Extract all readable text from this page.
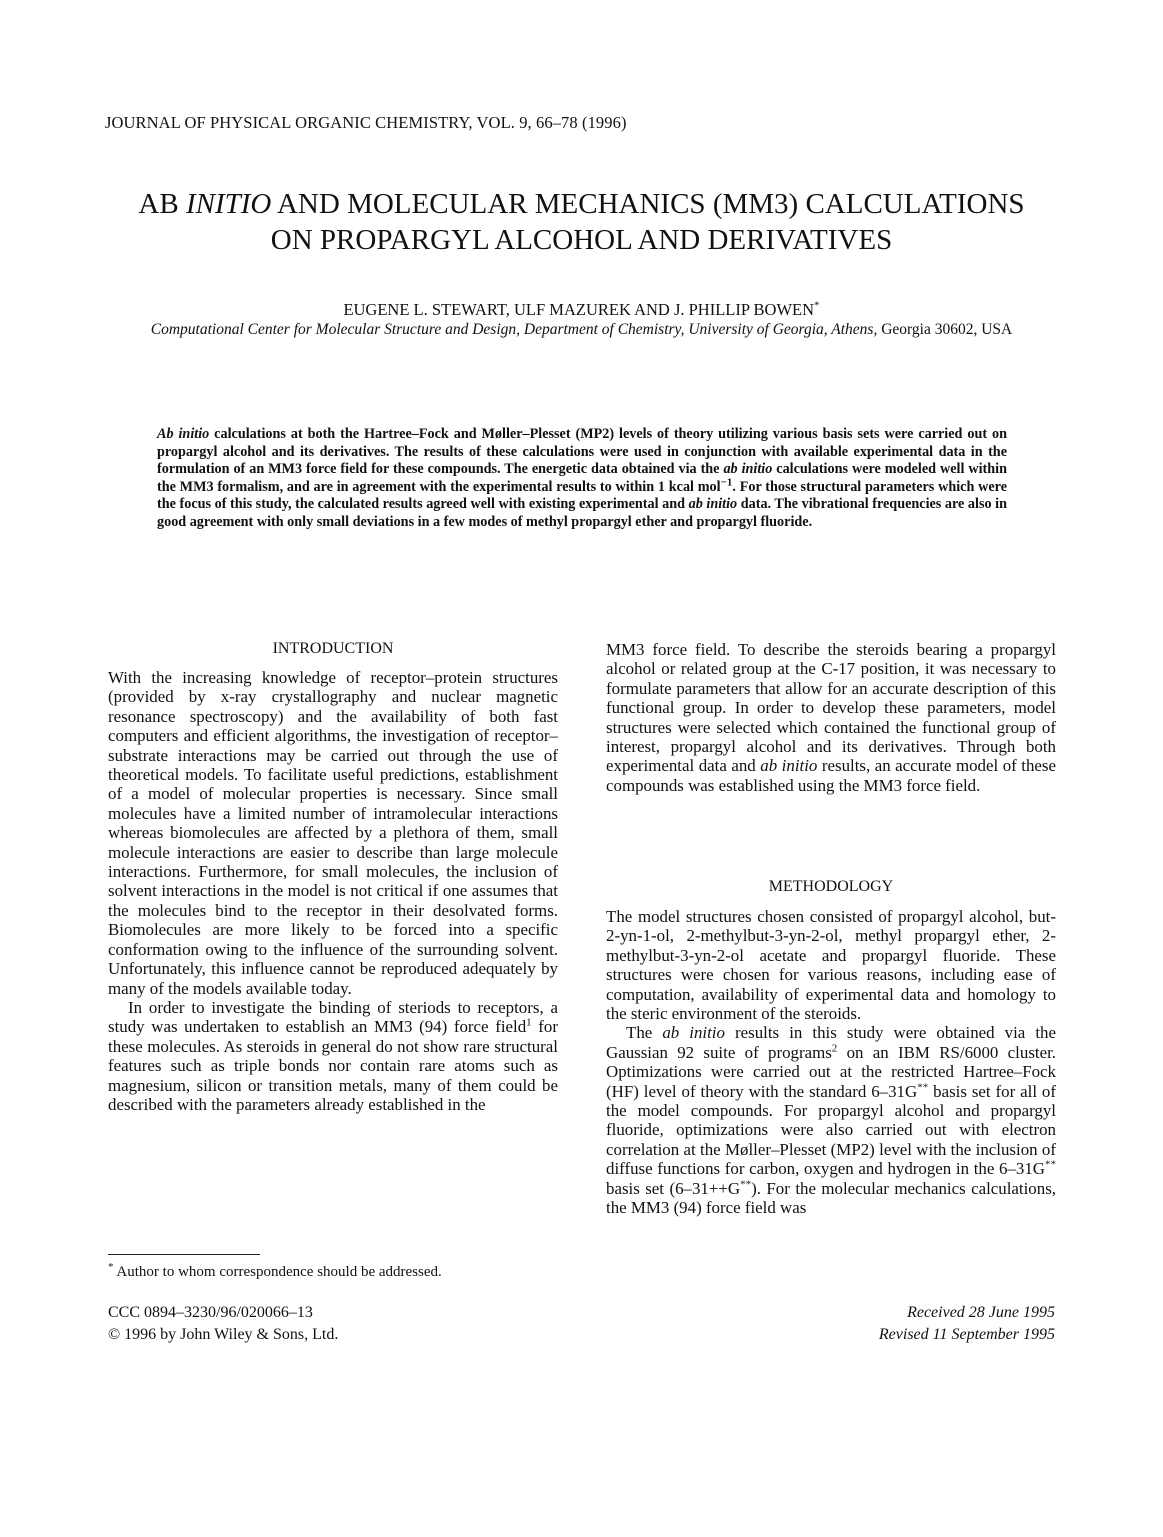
JOURNAL OF PHYSICAL ORGANIC CHEMISTRY, VOL. 9, 66–78 (1996)
AB INITIO AND MOLECULAR MECHANICS (MM3) CALCULATIONS
ON PROPARGYL ALCOHOL AND DERIVATIVES
EUGENE L. STEWART, ULF MAZUREK AND J. PHILLIP BOWEN*
Computational Center for Molecular Structure and Design, Department of Chemistry, University of Georgia, Athens, Georgia 30602, USA
Ab initio calculations at both the Hartree–Fock and Møller–Plesset (MP2) levels of theory utilizing various basis sets were carried out on propargyl alcohol and its derivatives. The results of these calculations were used in conjunction with available experimental data in the formulation of an MM3 force field for these compounds. The energetic data obtained via the ab initio calculations were modeled well within the MM3 formalism, and are in agreement with the experimental results to within 1 kcal mol$^{-1}$. For those structural parameters which were the focus of this study, the calculated results agreed well with existing experimental and ab initio data. The vibrational frequencies are also in good agreement with only small deviations in a few modes of methyl propargyl ether and propargyl fluoride.
INTRODUCTION

With the increasing knowledge of receptor–protein structures (provided by x-ray crystallography and nuclear magnetic resonance spectroscopy) and the availability of both fast computers and efficient algorithms, the investigation of receptor–substrate interactions may be carried out through the use of theoretical models. To facilitate useful predictions, establishment of a model of molecular properties is necessary. Since small molecules have a limited number of intramolecular interactions whereas biomolecules are affected by a plethora of them, small molecule interactions are easier to describe than large molecule interactions. Furthermore, for small molecules, the inclusion of solvent interactions in the model is not critical if one assumes that the molecules bind to the receptor in their desolvated forms. Biomolecules are more likely to be forced into a specific conformation owing to the influence of the surrounding solvent. Unfortunately, this influence cannot be reproduced adequately by many of the models available today.

In order to investigate the binding of steriods to receptors, a study was undertaken to establish an MM3 (94) force field$^1$ for these molecules. As steroids in general do not show rare structural features such as triple bonds nor contain rare atoms such as magnesium, silicon or transition metals, many of them could be described with the parameters already established in the

MM3 force field. To describe the steroids bearing a propargyl alcohol or related group at the C-17 position, it was necessary to formulate parameters that allow for an accurate description of this functional group. In order to develop these parameters, model structures were selected which contained the functional group of interest, propargyl alcohol and its derivatives. Through both experimental data and ab initio results, an accurate model of these compounds was established using the MM3 force field.

METHODOLOGY

The model structures chosen consisted of propargyl alcohol, but-2-yn-1-ol, 2-methylbut-3-yn-2-ol, methyl propargyl ether, 2-methylbut-3-yn-2-ol acetate and propargyl fluoride. These structures were chosen for various reasons, including ease of computation, availability of experimental data and homology to the steric environment of the steroids.

The ab initio results in this study were obtained via the Gaussian 92 suite of programs$^2$ on an IBM RS/6000 cluster. Optimizations were carried out at the restricted Hartree–Fock (HF) level of theory with the standard 6–31G** basis set for all of the model compounds. For propargyl alcohol and propargyl fluoride, optimizations were also carried out with electron correlation at the Møller–Plesset (MP2) level with the inclusion of diffuse functions for carbon, oxygen and hydrogen in the 6–31G** basis set (6–31++G**). For the molecular mechanics calculations, the MM3 (94) force field was

* Author to whom correspondence should be addressed.
CCC 0894–3230/96/020066–13
© 1996 by John Wiley & Sons, Ltd.
Received 28 June 1995
Revised 11 September 1995
